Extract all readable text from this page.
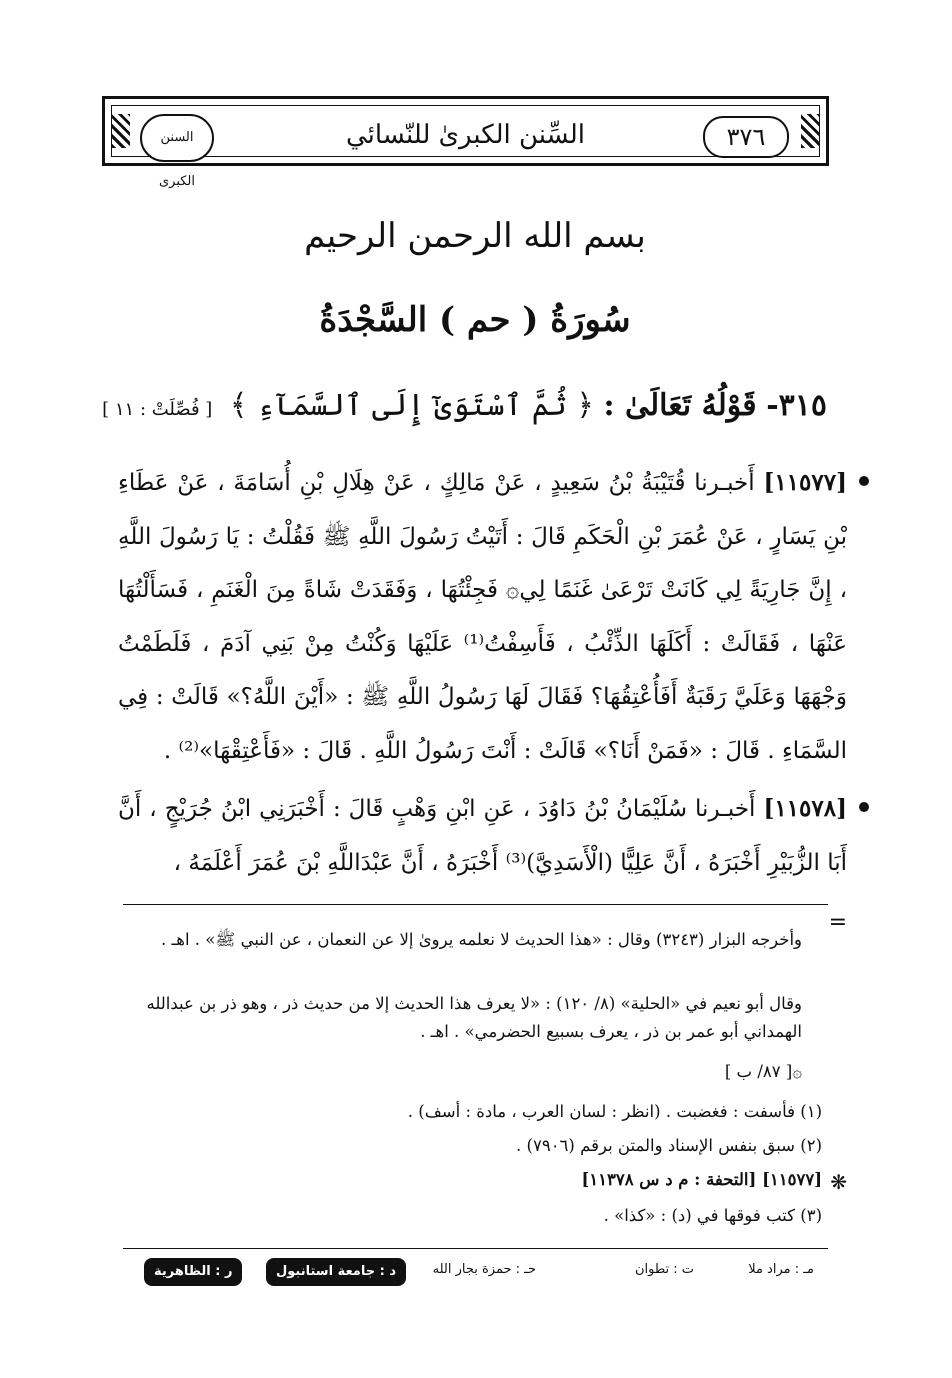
السنن الكبرى
السِّنن الكبرىٰ للنّسائي	٣٧٦
بسم الله الرحمن الرحيم
سُورَةُ ( حم ) السَّجْدَةُ
٣١٥- قَوْلُهُ تَعَالَىٰ : ﴿ ثُمَّ ٱسْتَوَىٰٓ إِلَى ٱلسَّمَآءِ ﴾ [ فُصِّلَتْ : ١١ ]
[١١٥٧٧] أَخبـرنا قُتَيْبَةُ بْنُ سَعِيدٍ ، عَنْ مَالِكٍ ، عَنْ هِلَالِ بْنِ أُسَامَةَ ، عَنْ عَطَاءِ بْنِ يَسَارٍ ، عَنْ عُمَرَ بْنِ الْحَكَمِ قَالَ : أَتَيْتُ رَسُولَ اللَّهِ ﷺ فَقُلْتُ : يَا رَسُولَ اللَّهِ ، إِنَّ جَارِيَةً لِي كَانَتْ تَرْعَىٰ غَنَمًا لِي۞ فَجِئْتُهَا ، وَفَقَدَتْ شَاةً مِنَ الْغَنَمِ ، فَسَأَلْتُهَا عَنْهَا ، فَقَالَتْ : أَكَلَهَا الذِّئْبُ ، فَأَسِفْتُ⁽¹⁾ عَلَيْهَا وَكُنْتُ مِنْ بَنِي آدَمَ ، فَلَطَمْتُ وَجْهَهَا وَعَلَيَّ رَقَبَةٌ أَفَأُعْتِقُهَا؟ فَقَالَ لَهَا رَسُولُ اللَّهِ ﷺ : «أَيْنَ اللَّهُ؟» قَالَتْ : فِي السَّمَاءِ . قَالَ : «فَمَنْ أَنَا؟» قَالَتْ : أَنْتَ رَسُولُ اللَّهِ . قَالَ : «فَأَعْتِقْهَا»⁽²⁾ .
[١١٥٧٨] أَخبـرنا سُلَيْمَانُ بْنُ دَاوُدَ ، عَنِ ابْنِ وَهْبٍ قَالَ : أَخْبَرَنِي ابْنُ جُرَيْجٍ ، أَنَّ أَبَا الزُّبَيْرِ أَخْبَرَهُ ، أَنَّ عَلِيًّا (الْأَسَدِيَّ)⁽³⁾ أَخْبَرَهُ ، أَنَّ عَبْدَاللَّهِ بْنَ عُمَرَ أَعْلَمَهُ ،
=
وأخرجه البزار (٣٢٤٣) وقال : «هذا الحديث لا نعلمه يروىٰ إلا عن النعمان ، عن النبي ﷺ» . اهـ .
وقال أبو نعيم في «الحلية» (٨/ ١٢٠) : «لا يعرف هذا الحديث إلا من حديث ذر ، وهو ذر بن عبدالله الهمداني أبو عمر بن ذر ، يعرف بسبيع الحضرمي» . اهـ .
۞[ ٨٧/ ب ]
(١) فأسفت : فغضبت . (انظر : لسان العرب ، مادة : أسف) .
(٢) سبق بنفس الإسناد والمتن برقم (٧٩٠٦) .
❋
[١١٥٧٧] [التحفة : م د س ١١٣٧٨]
(٣) كتب فوقها في (د) : «كذا» .
مـ : مراد ملا
ت : تطوان
حـ : حمزة بجار الله
د : جامعة استانبول
ر : الظاهرية
